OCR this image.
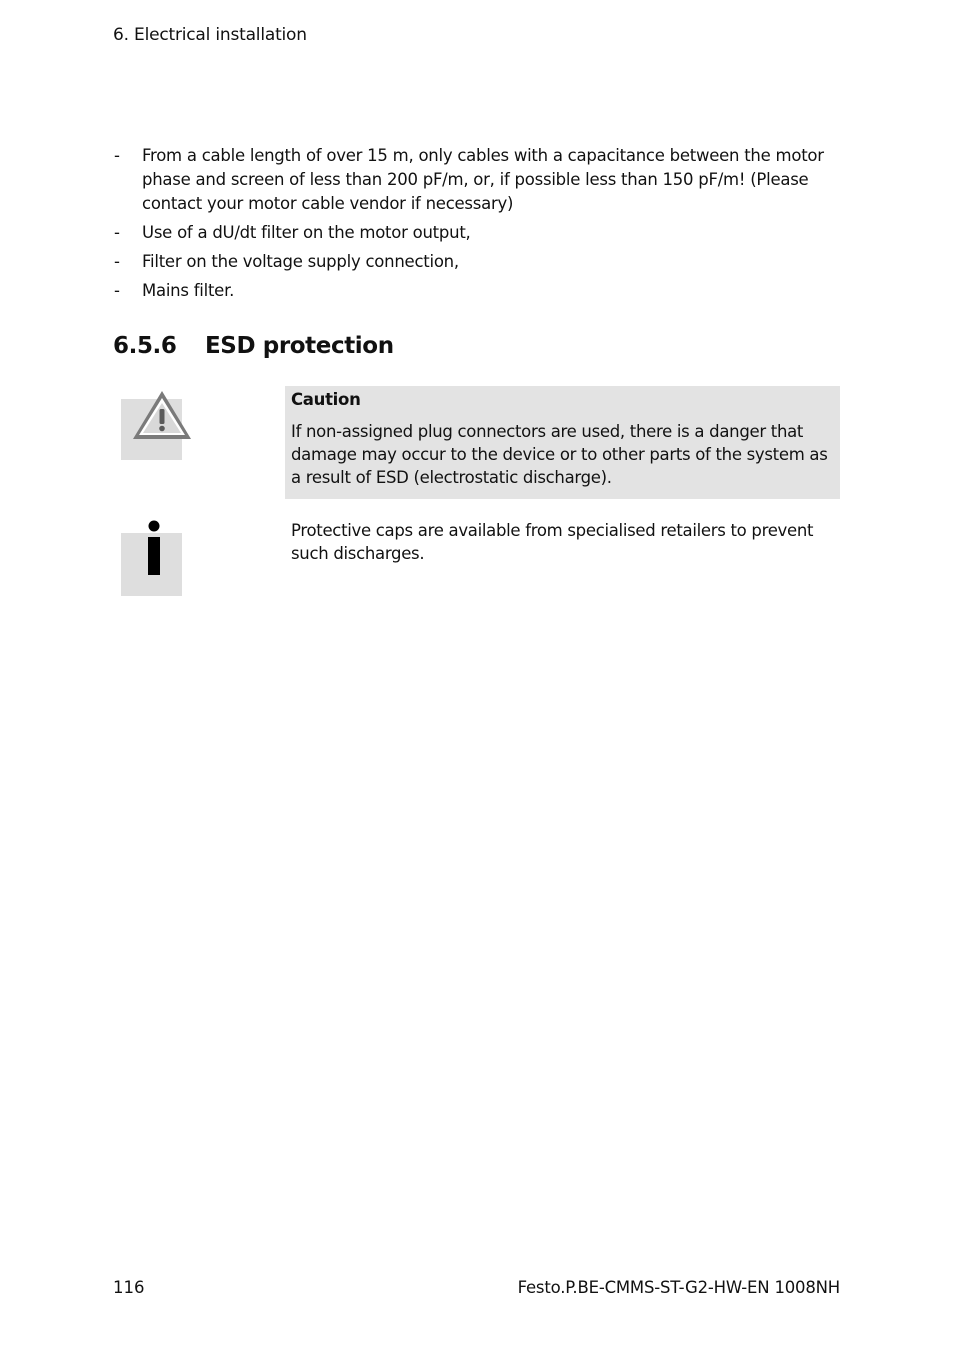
6. Electrical installation
- From a cable length of over 15 m, only cables with a capacitance between the motor phase and screen of less than 200 pF/m, or, if possible less than 150 pF/m! (Please contact your motor cable vendor if necessary)
- Use of a dU/dt filter on the motor output,
- Filter on the voltage supply connection,
- Mains filter.
6.5.6 ESD protection
Caution
If non-assigned plug connectors are used, there is a danger that damage may occur to the device or to other parts of the system as a result of ESD (electrostatic discharge).
Protective caps are available from specialised retailers to prevent such discharges.
116	Festo.P.BE-CMMS-ST-G2-HW-EN 1008NH
